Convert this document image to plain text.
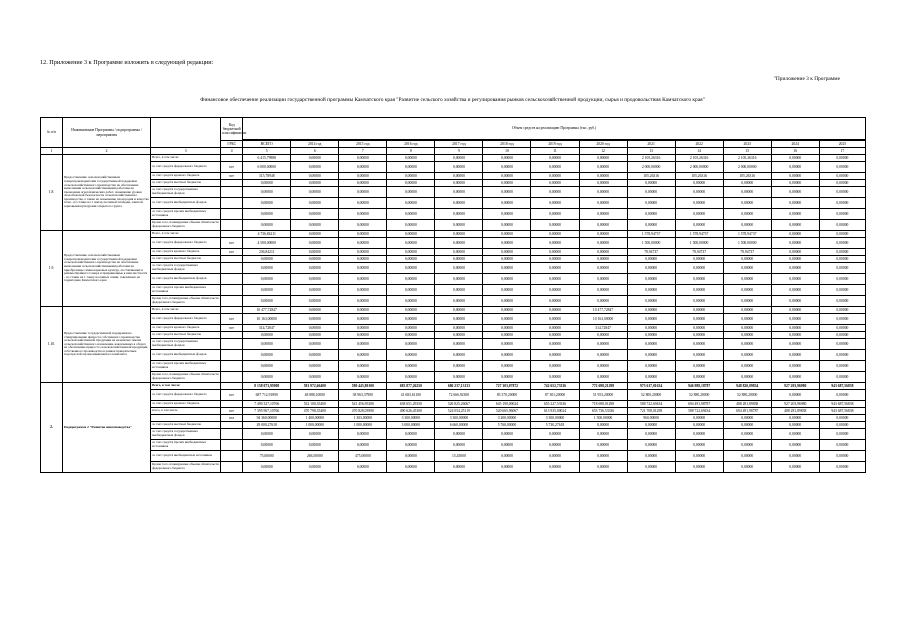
12. Приложение 3 к Программе изложить в следующей редакции:
"Приложение 3 к Программе
Финансовое обеспечение реализации государственной программы Камчатского края "Развитие сельского хозяйства и регулирования рынков сельскохозяйственной продукции, сырья и продовольствия Камчатского края"
№ п/п	Наименование Программы / подпрограммы / мероприятия		Код бюджетной классификации	Объем средств на реализацию Программы (тыс. руб.)												

			ГРБС	ВСЕГО	2014 год	2015 год	2016 год	2017 год	2018 год	2019 год	2020 год	2021	2022	2023	2024	2025
1	2	3	4	5	6	7	8	9	10	11	12	13	14	15	16	17
1.8.	Предоставление сельскохозяйственным товаропроизводителям государственной поддержки сельскохозяйственного производства на обеспечение выполнения сельскохозяйственными работами на проведение агротехнических работ, повышение уровня экологической безопасности сельскохозяйственного производства, а также на повышение плодородия и качества почв - по ставке на 1 гектар посевной площади, занятой зерновыми культурами открытого грунта	Всего, в том числе:		6 415,79988	0,00000	0,00000	0,00000	0,00000	0,00000	0,00000	0,00000	2 105,26316	2 105,26316	2 105,26316	0,00000	0,00000
		за счет средств федерального бюджета	807	6 000,00000	0,00000	0,00000	0,00000	0,00000	0,00000	0,00000	0,00000	2 000,00000	2 000,00000	2 000,00000	0,00000	0,00000
		за счет средств краевого бюджета	807	315,78948	0,00000	0,00000	0,00000	0,00000	0,00000	0,00000	0,00000	105,26316	105,26316	105,26316	0,00000	0,00000
		за счет средств местных бюджетов		0,00000	0,00000	0,00000	0,00000	0,00000	0,00000	0,00000	0,00000	0,00000	0,00000	0,00000	0,00000	0,00000
		за счет средств государственных внебюджетных фондов		0,00000	0,00000	0,00000	0,00000	0,00000	0,00000	0,00000	0,00000	0,00000	0,00000	0,00000	0,00000	0,00000
		за счет средств внебюджетных фондов		0,00000	0,00000	0,00000	0,00000	0,00000	0,00000	0,00000	0,00000	0,00000	0,00000	0,00000	0,00000	0,00000
		за счет средств прочих внебюджетных источников		0,00000	0,00000	0,00000	0,00000	0,00000	0,00000	0,00000	0,00000	0,00000	0,00000	0,00000	0,00000	0,00000
		Кроме того, планируемые объемы обязательств федерального бюджета		0,00000	0,00000	0,00000	0,00000	0,00000	0,00000	0,00000	0,00000	0,00000	0,00000	0,00000	0,00000	0,00000
1.9.	Предоставление сельскохозяйственным товаропроизводителям государственной поддержки сельскохозяйственного производства на обеспечение выполнения сельскохозяйственными работами на приобретение семян кормовых культур, поставляемых в районы Крайнего Севера и приравненные к ним местности - по ставке на 1 тонну посевных семян, завезенных на территорию Камчатского края	Всего, в том числе:		4 736,84211	0,00000	0,00000	0,00000	0,00000	0,00000	0,00000	0,00000	1 578,94737	1 578,94737	1 578,94737	0,00000	0,00000
		за счет средств федерального бюджета	807	4 500,00000	0,00000	0,00000	0,00000	0,00000	0,00000	0,00000	0,00000	1 500,00000	1 500,00000	1 500,00000	0,00000	0,00000
		за счет средств краевого бюджета	807	236,84211	0,00000	0,00000	0,00000	0,00000	0,00000	0,00000	0,00000	78,94737	78,94737	78,94737	0,00000	0,00000
		за счет средств местных бюджетов		0,00000	0,00000	0,00000	0,00000	0,00000	0,00000	0,00000	0,00000	0,00000	0,00000	0,00000	0,00000	0,00000
		за счет средств государственных внебюджетных фондов		0,00000	0,00000	0,00000	0,00000	0,00000	0,00000	0,00000	0,00000	0,00000	0,00000	0,00000	0,00000	0,00000
		за счет средств внебюджетных фондов		0,00000	0,00000	0,00000	0,00000	0,00000	0,00000	0,00000	0,00000	0,00000	0,00000	0,00000	0,00000	0,00000
		за счет средств прочих внебюджетных источников		0,00000	0,00000	0,00000	0,00000	0,00000	0,00000	0,00000	0,00000	0,00000	0,00000	0,00000	0,00000	0,00000
		Кроме того, планируемые объемы обязательств федерального бюджета		0,00000	0,00000	0,00000	0,00000	0,00000	0,00000	0,00000	0,00000	0,00000	0,00000	0,00000	0,00000	0,00000
1.10.	Предоставление государственной поддержки на стимулирование прироста собственного производства сельскохозяйственной продукции на незанятых землях сельскохозяйственного назначения, вовлеченных в оборот, на обеспечение прироста сельскохозяйственной продукции собственного производства в рамках приоритетных подотраслей агропромышленного комплекса	Всего, в том числе:		10 477,72847	0,00000	0,00000	0,00000	0,00000	0,00000	0,00000	10 477,72847	0,00000	0,00000	0,00000	0,00000	0,00000
		за счет средств федерального бюджета	807	10 163,00000	0,00000	0,00000	0,00000	0,00000	0,00000	0,00000	10 163,00000	0,00000	0,00000	0,00000	0,00000	0,00000
		за счет средств краевого бюджета	807	314,72847	0,00000	0,00000	0,00000	0,00000	0,00000	0,00000	314,72847	0,00000	0,00000	0,00000	0,00000	0,00000
		за счет средств местных бюджетов		0,00000	0,00000	0,00000	0,00000	0,00000	0,00000	0,00000	0,00000	0,00000	0,00000	0,00000	0,00000	0,00000
		за счет средств государственных внебюджетных фондов		0,00000	0,00000	0,00000	0,00000	0,00000	0,00000	0,00000	0,00000	0,00000	0,00000	0,00000	0,00000	0,00000
		за счет средств внебюджетных фондов		0,00000	0,00000	0,00000	0,00000	0,00000	0,00000	0,00000	0,00000	0,00000	0,00000	0,00000	0,00000	0,00000
		за счет средств прочих внебюджетных источников		0,00000	0,00000	0,00000	0,00000	0,00000	0,00000	0,00000	0,00000	0,00000	0,00000	0,00000	0,00000	0,00000
		Кроме того, планируемые объемы обязательств федерального бюджета		0,00000	0,00000	0,00000	0,00000	0,00000	0,00000	0,00000	0,00000	0,00000	0,00000	0,00000	0,00000	0,00000
2.	Подпрограмма 2 "Развитие животноводства"	Всего, в том числе:		8 158 073,95908	581 972,66400	580 445,80100	683 877,26250	686 237,13133	727 303,07872	742 652,73336	772 698,21298	975 617,01634	946 988,18787	948 820,09834	927 203,96980	943 687,56838
		за счет средств федерального бюджета	807	687 712,91890	48 888,10000	38 963,37900	41 683,61100	72 666,92300	83 370,20000	87 301,20000	51 953,20000	52 800,20000	52 880,20000	52 880,20000	0,00000	0,00000
		за счет средств краевого бюджета		7 490 327,10766	532 100,35400	541 456,95300	638 651,29350	526 825,26067	645 190,00024	655 227,53336	718 698,01298	588 722,69434	694 491,98787	488 281,89838	927 203,96980	943 687,56838
		всего, в том числе	807	7 395 967,10766	470 798,35400	470 828,03900	490 626,45300	524 054,25119	520 665,96067	613 935,00024	653 736,53336	721 708,01298	588 722,69434	694 491,98787	488 281,89838	943 687,56838
			818	94 360,00000	1 400,00000	1 303,00000	3 300,00000	3 300,00000	3 200,00000	3 300,00000	1 500,00000	960,00000	0,00000	0,00000	0,00000	0,00000
		за счет средств местных бюджетов		29 000,27618	1 000,00000	1 000,00000	3 000,00000	6 660,00000	5 760,00000	5 730,27618	0,00000	0,00000	0,00000	0,00000	0,00000	0,00000
		за счет средств государственных внебюджетных фондов		0,00000	0,00000	0,00000	0,00000	0,00000	0,00000	0,00000	0,00000	0,00000	0,00000	0,00000	0,00000	0,00000
		за счет средств прочих внебюджетных источников		0,00000	0,00000	0,00000	0,00000	0,00000	0,00000	0,00000	0,00000	0,00000	0,00000	0,00000	0,00000	0,00000
		за счет средств внебюджетных источников		75,00000	266,50000	475,00000	0,00000	15,45000	0,00000	0,00000	0,00000	0,00000	0,00000	0,00000	0,00000	0,00000
		Кроме того, планируемые объемы обязательств федерального бюджета		0,00000	0,00000	0,00000	0,00000	0,00000	0,00000	0,00000	0,00000	0,00000	0,00000	0,00000	0,00000	0,00000
